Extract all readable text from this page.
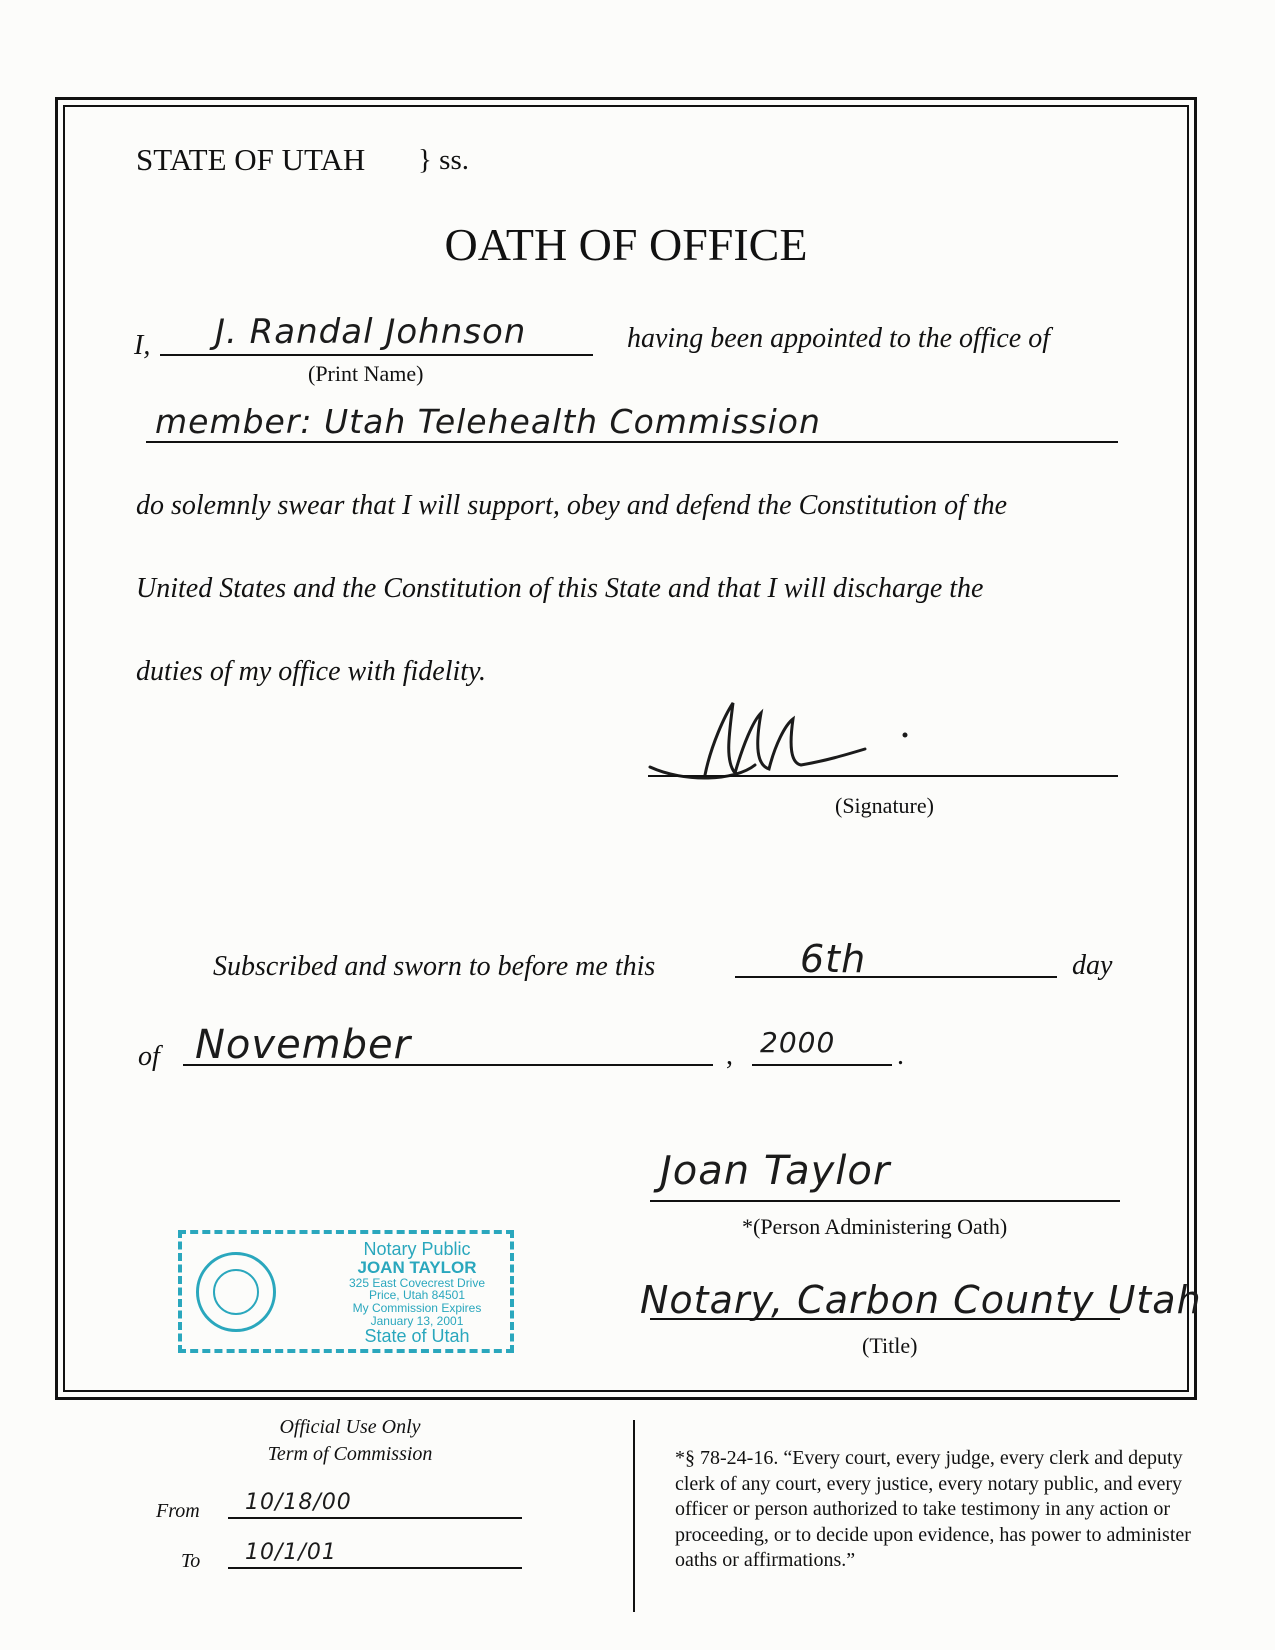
STATE OF UTAH } ss.
OATH OF OFFICE
I, J. Randal Johnson
(Print Name)
having been appointed to the office of
member: Utah Telehealth Commission
do solemnly swear that I will support, obey and defend the Constitution of the
United States and the Constitution of this State and that I will discharge the
duties of my office with fidelity.
(Signature)
Subscribed and sworn to before me this	6th	day
of November	, 2000 .
Joan Taylor
*(Person Administering Oath)
Notary, Carbon County Utah
(Title)
Notary Public
JOAN TAYLOR
325 East Covecrest Drive
Price, Utah 84501
My Commission Expires
January 13, 2001
State of Utah
Official Use Only
Term of Commission
From 10/18/00
To 10/1/01
*§ 78-24-16. “Every court, every judge, every clerk and deputy clerk of any court, every justice, every notary public, and every officer or person authorized to take testimony in any action or proceeding, or to decide upon evidence, has power to administer oaths or affirmations.”
